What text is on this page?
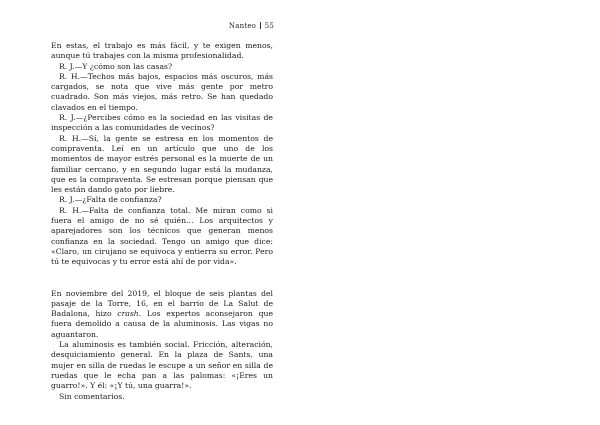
Nanteo 55

En estas, el trabajo es más fácil, y te exigen menos, aunque tú trabajes con la misma profesionalidad.

R. J.—Y ¿cómo son las casas?

R. H.—Techos más bajos, espacios más oscuros, más cargados, se nota que vive más gente por metro cuadrado. Son más viejos, más retro. Se han quedado clavados en el tiempo.

R. J.—¿Percibes cómo es la sociedad en las visitas de inspección a las comunidades de vecinos?

R. H.—Sí, la gente se estresa en los momentos de compraventa. Leí en un artículo que uno de los momentos de mayor estrés personal es la muerte de un familiar cercano, y en segundo lugar está la mudanza, que es la compraventa. Se estresan porque piensan que les están dando gato por liebre.

R. J.—¿Falta de confianza?

R. H.—Falta de confianza total. Me miran como si fuera el amigo de no sé quién… Los arquitectos y aparejadores son los técnicos que generan menos confianza en la sociedad. Tengo un amigo que dice: «Claro, un cirujano se equivoca y entierra su error. Pero tú te equivocas y tu error está ahí de por vida».

En noviembre del 2019, el bloque de seis plantas del pasaje de la Torre, 16, en el barrio de La Salut de Badalona, hizo crash. Los expertos aconsejaron que fuera demolido a causa de la aluminosis. Las vigas no aguantaron.

La aluminosis es también social. Fricción, alteración, desquiciamiento general. En la plaza de Sants, una mujer en silla de ruedas le escupe a un señor en silla de ruedas que le echa pan a las palomas: «¡Eres un guarro!». Y él: «¡Y tú, una guarra!».

Sin comentarios.
